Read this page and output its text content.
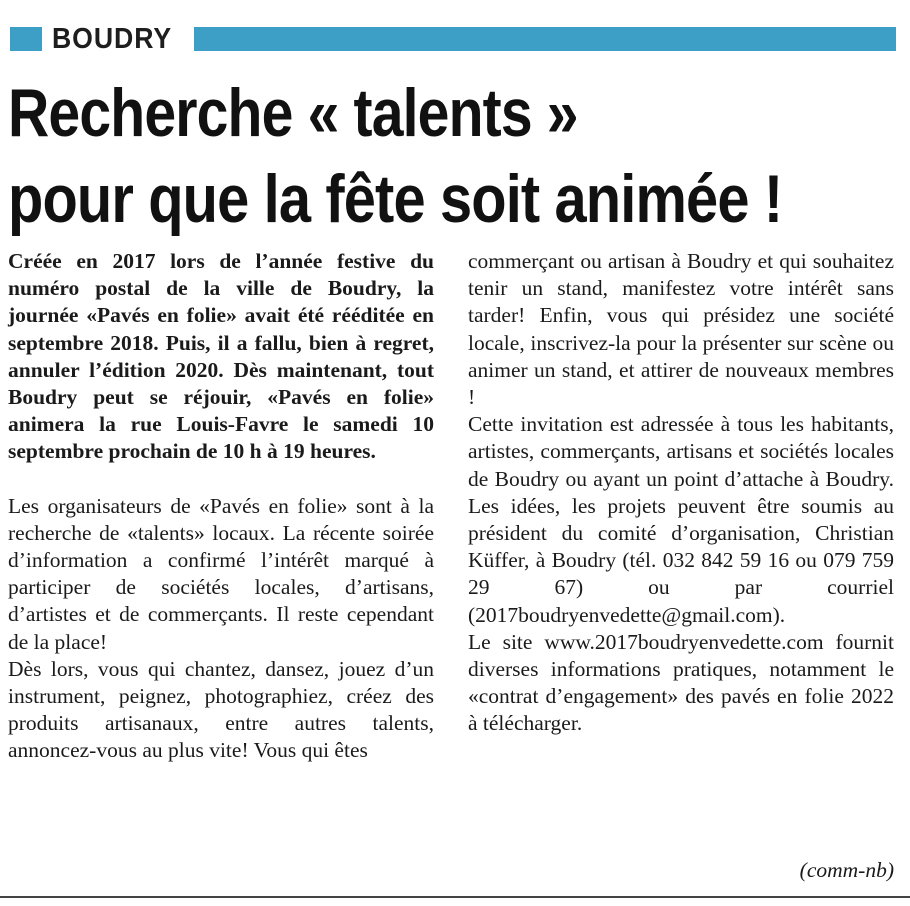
BOUDRY
Recherche « talents »
pour que la fête soit animée !

Créée en 2017 lors de l’année festive du numéro postal de la ville de Boudry, la journée «Pavés en folie» avait été rééditée en septembre 2018. Puis, il a fallu, bien à regret, annuler l’édition 2020. Dès maintenant, tout Boudry peut se réjouir, «Pavés en folie» animera la rue Louis-Favre le samedi 10 septembre prochain de 10 h à 19 heures.

Les organisateurs de «Pavés en folie» sont à la recherche de «talents» locaux. La récente soirée d’information a confirmé l’intérêt marqué à participer de sociétés locales, d’artisans, d’artistes et de commerçants. Il reste cependant de la place!

Dès lors, vous qui chantez, dansez, jouez d’un instrument, peignez, photographiez, créez des produits artisanaux, entre autres talents, annoncez-vous au plus vite! Vous qui êtes

commerçant ou artisan à Boudry et qui souhaitez tenir un stand, manifestez votre intérêt sans tarder! Enfin, vous qui présidez une société locale, inscrivez-la pour la présenter sur scène ou animer un stand, et attirer de nouveaux membres !

Cette invitation est adressée à tous les habitants, artistes, commerçants, artisans et sociétés locales de Boudry ou ayant un point d’attache à Boudry. Les idées, les projets peuvent être soumis au président du comité d’organisation, Christian Küffer, à Boudry (tél. 032 842 59 16 ou 079 759 29 67) ou par courriel (2017boudryenvedette@gmail.com).

Le site www.2017boudryenvedette.com fournit diverses informations pratiques, notamment le «contrat d’engagement» des pavés en folie 2022 à télécharger.

(comm-nb)
